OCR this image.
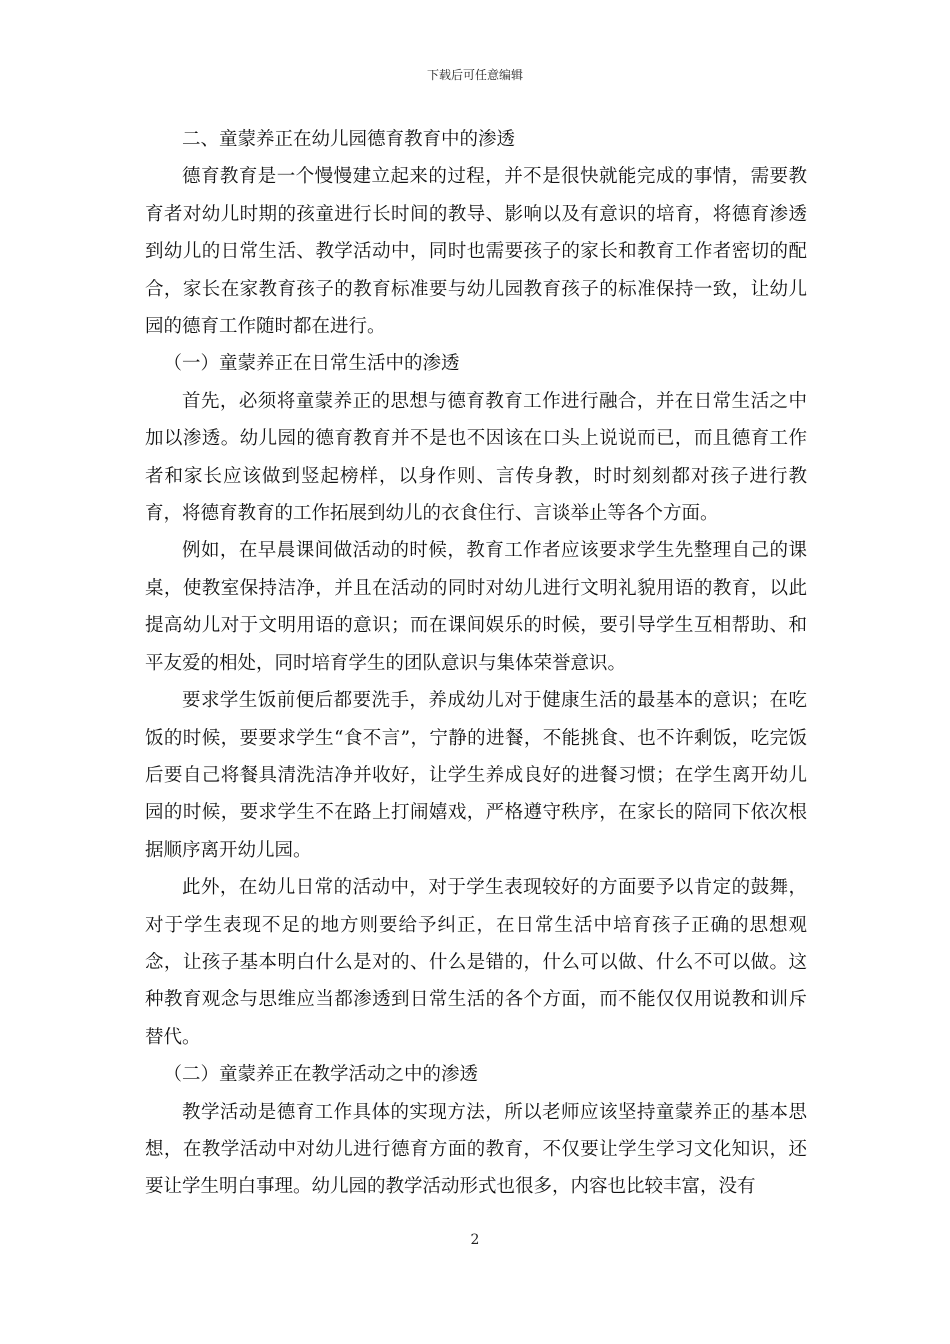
下载后可任意编辑

二、童蒙养正在幼儿园德育教育中的渗透

德育教育是一个慢慢建立起来的过程，并不是很快就能完成的事情，需要教育者对幼儿时期的孩童进行长时间的教导、影响以及有意识的培育，将德育渗透到幼儿的日常生活、教学活动中，同时也需要孩子的家长和教育工作者密切的配合，家长在家教育孩子的教育标准要与幼儿园教育孩子的标准保持一致，让幼儿园的德育工作随时都在进行。

（一）童蒙养正在日常生活中的渗透

首先，必须将童蒙养正的思想与德育教育工作进行融合，并在日常生活之中加以渗透。幼儿园的德育教育并不是也不因该在口头上说说而已，而且德育工作者和家长应该做到竖起榜样，以身作则、言传身教，时时刻刻都对孩子进行教育，将德育教育的工作拓展到幼儿的衣食住行、言谈举止等各个方面。

例如，在早晨课间做活动的时候，教育工作者应该要求学生先整理自己的课桌，使教室保持洁净，并且在活动的同时对幼儿进行文明礼貌用语的教育，以此提高幼儿对于文明用语的意识；而在课间娱乐的时候，要引导学生互相帮助、和平友爱的相处，同时培育学生的团队意识与集体荣誉意识。

要求学生饭前便后都要洗手，养成幼儿对于健康生活的最基本的意识；在吃饭的时候，要要求学生“食不言”，宁静的进餐，不能挑食、也不许剩饭，吃完饭后要自己将餐具清洗洁净并收好，让学生养成良好的进餐习惯；在学生离开幼儿园的时候，要求学生不在路上打闹嬉戏，严格遵守秩序，在家长的陪同下依次根据顺序离开幼儿园。

此外，在幼儿日常的活动中，对于学生表现较好的方面要予以肯定的鼓舞，对于学生表现不足的地方则要给予纠正，在日常生活中培育孩子正确的思想观念，让孩子基本明白什么是对的、什么是错的，什么可以做、什么不可以做。这种教育观念与思维应当都渗透到日常生活的各个方面，而不能仅仅用说教和训斥替代。

（二）童蒙养正在教学活动之中的渗透

教学活动是德育工作具体的实现方法，所以老师应该坚持童蒙养正的基本思想，在教学活动中对幼儿进行德育方面的教育，不仅要让学生学习文化知识，还要让学生明白事理。幼儿园的教学活动形式也很多，内容也比较丰富，没有

2
